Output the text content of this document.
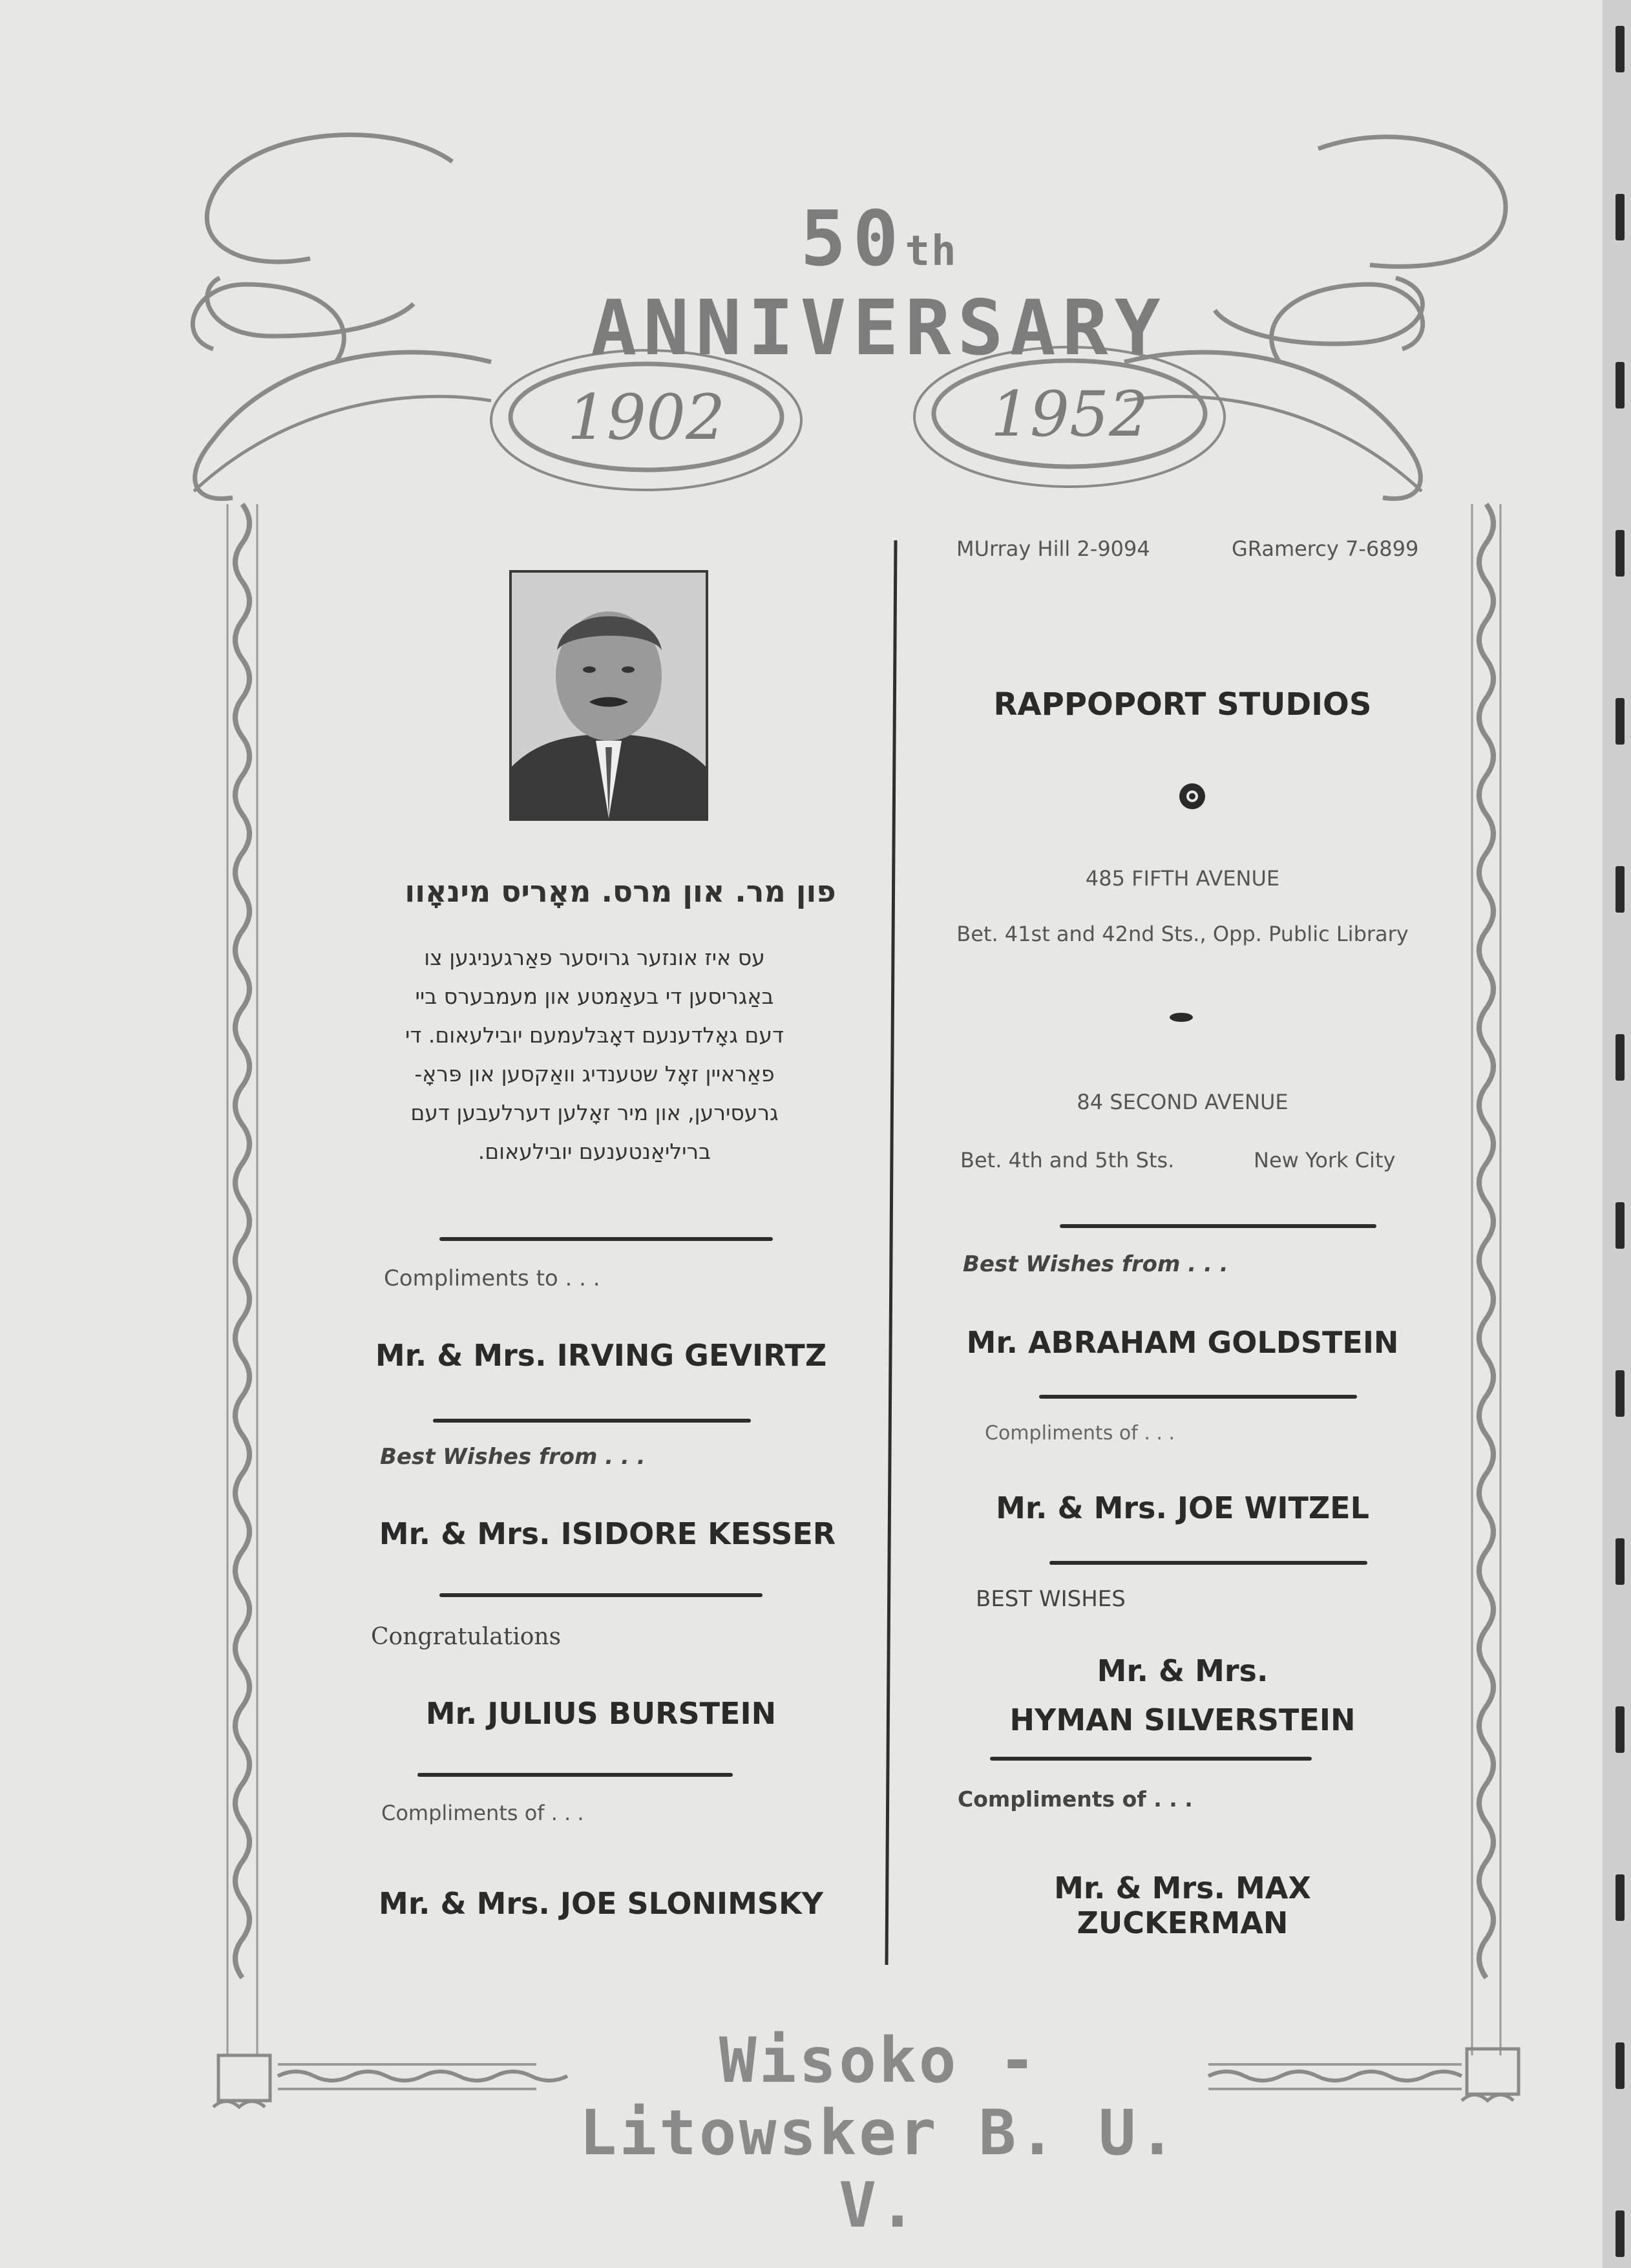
50th ANNIVERSARY
1902	1952
פון מר. און מרס. מאָריס מינאָוו
עס איז אונזער גרויסער פאַרגעניגען צו
באַגריסען די בעאַמטע און מעמבערס ביי
דעם גאָלדענעם דאָבּלעמעם יובילעאום. די
פאַראיין זאָל שטענדיג וואַקסען און פּראָ-
גרעסירען, און מיר זאָלען דערלעבען דעם
בריליאַנטענעם יובילעאום.
Compliments to . . .
Mr. & Mrs. IRVING GEVIRTZ
Best Wishes from . . .
Mr. & Mrs. ISIDORE KESSER
Congratulations
Mr. JULIUS BURSTEIN
Compliments of . . .
Mr. & Mrs. JOE SLONIMSKY
MUrray Hill 2-9094	GRamercy 7-6899
RAPPOPORT STUDIOS
485 FIFTH AVENUE
Bet. 41st and 42nd Sts., Opp. Public Library
84 SECOND AVENUE
Bet. 4th and 5th Sts.	New York City
Best Wishes from . . .
Mr. ABRAHAM GOLDSTEIN
Compliments of . . .
Mr. & Mrs. JOE WITZEL
BEST WISHES
Mr. & Mrs.
HYMAN SILVERSTEIN
Compliments of . . .
Mr. & Mrs. MAX ZUCKERMAN
Wisoko - Litowsker B. U. V.
